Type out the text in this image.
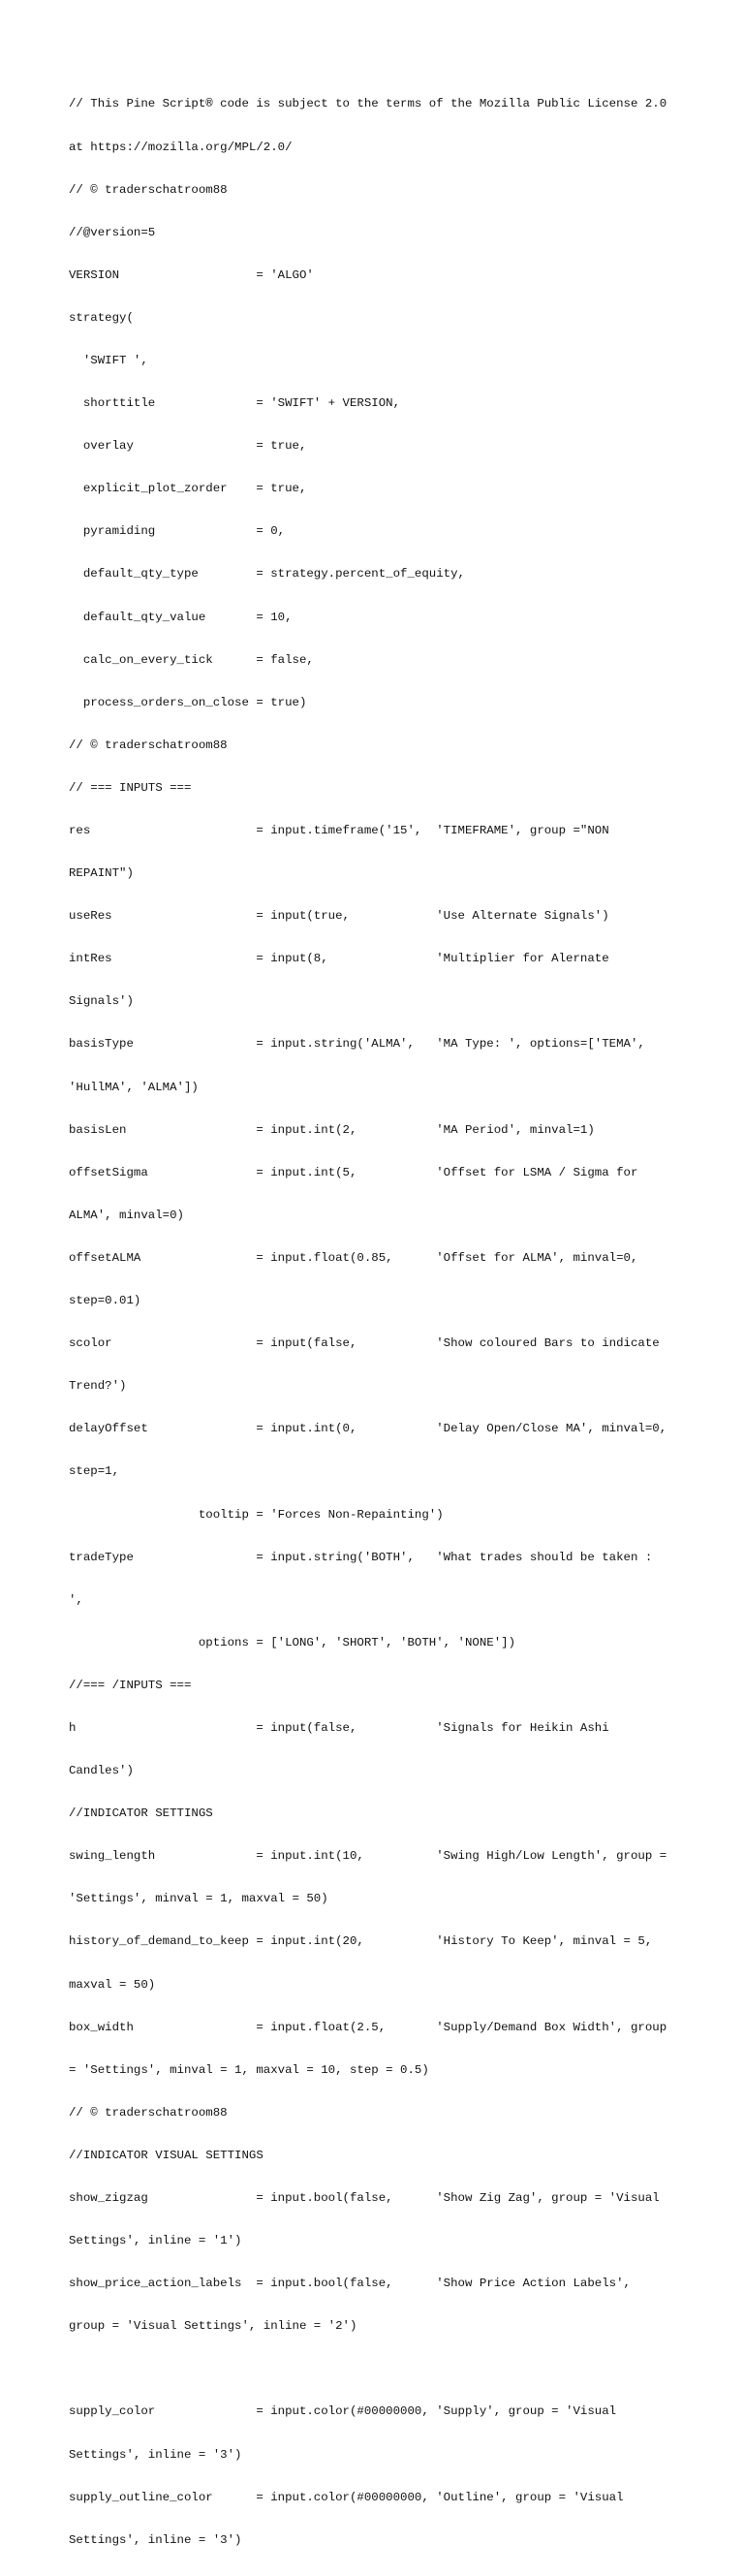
// This Pine Script® code is subject to the terms of the Mozilla Public License 2.0

at https://mozilla.org/MPL/2.0/

// © traderschatroom88

//@version=5

VERSION                   = 'ALGO'

strategy(

'SWIFT ',

shorttitle              = 'SWIFT' + VERSION,

overlay                 = true,

explicit_plot_zorder    = true,

pyramiding              = 0,

default_qty_type        = strategy.percent_of_equity,

default_qty_value       = 10,

calc_on_every_tick      = false,

process_orders_on_close = true)

// © traderschatroom88

// === INPUTS ===

res                       = input.timeframe('15',  'TIMEFRAME', group ="NON

REPAINT")

useRes                    = input(true,            'Use Alternate Signals')

intRes                    = input(8,               'Multiplier for Alernate

Signals')

basisType                 = input.string('ALMA',   'MA Type: ', options=['TEMA',

'HullMA', 'ALMA'])

basisLen                  = input.int(2,           'MA Period', minval=1)

offsetSigma               = input.int(5,           'Offset for LSMA / Sigma for

ALMA', minval=0)

offsetALMA                = input.float(0.85,      'Offset for ALMA', minval=0,

step=0.01)

scolor                    = input(false,           'Show coloured Bars to indicate

Trend?')

delayOffset               = input.int(0,           'Delay Open/Close MA', minval=0,

step=1,

tooltip = 'Forces Non-Repainting')

tradeType                 = input.string('BOTH',   'What trades should be taken :

',

options = ['LONG', 'SHORT', 'BOTH', 'NONE'])

//=== /INPUTS ===

h                         = input(false,           'Signals for Heikin Ashi

Candles')

//INDICATOR SETTINGS

swing_length              = input.int(10,          'Swing High/Low Length', group =

'Settings', minval = 1, maxval = 50)

history_of_demand_to_keep = input.int(20,          'History To Keep', minval = 5,

maxval = 50)

box_width                 = input.float(2.5,       'Supply/Demand Box Width', group

= 'Settings', minval = 1, maxval = 10, step = 0.5)

// © traderschatroom88

//INDICATOR VISUAL SETTINGS

show_zigzag               = input.bool(false,      'Show Zig Zag', group = 'Visual

Settings', inline = '1')

show_price_action_labels  = input.bool(false,      'Show Price Action Labels',

group = 'Visual Settings', inline = '2')

supply_color              = input.color(#00000000, 'Supply', group = 'Visual

Settings', inline = '3')

supply_outline_color      = input.color(#00000000, 'Outline', group = 'Visual

Settings', inline = '3')
